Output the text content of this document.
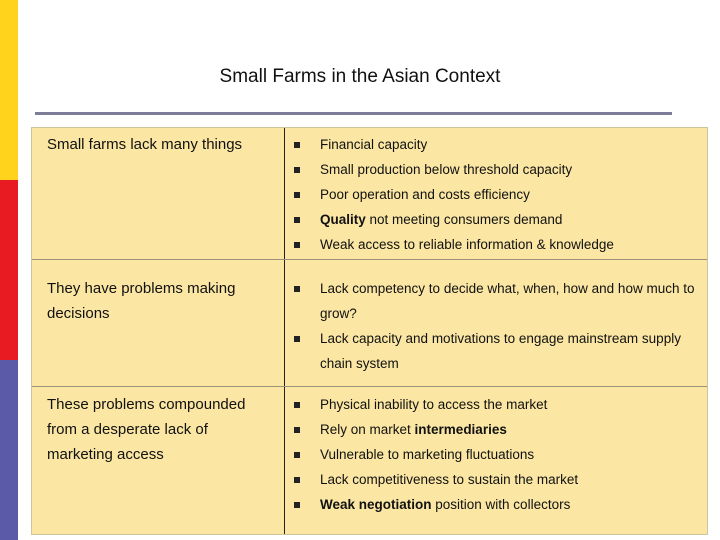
Small Farms in the Asian Context
Small farms lack many things	Financial capacity
Small production below threshold capacity
Poor operation and costs efficiency
Quality not meeting consumers demand
Weak access to reliable information & knowledge
They have problems making decisions
Lack competency to decide what, when, how and how much to grow?
Lack capacity and motivations to engage mainstream supply chain system
These problems compounded from a desperate lack of marketing access
Physical inability to access the market
Rely on market intermediaries
Vulnerable to marketing fluctuations
Lack competitiveness to sustain the market
Weak negotiation position with collectors
